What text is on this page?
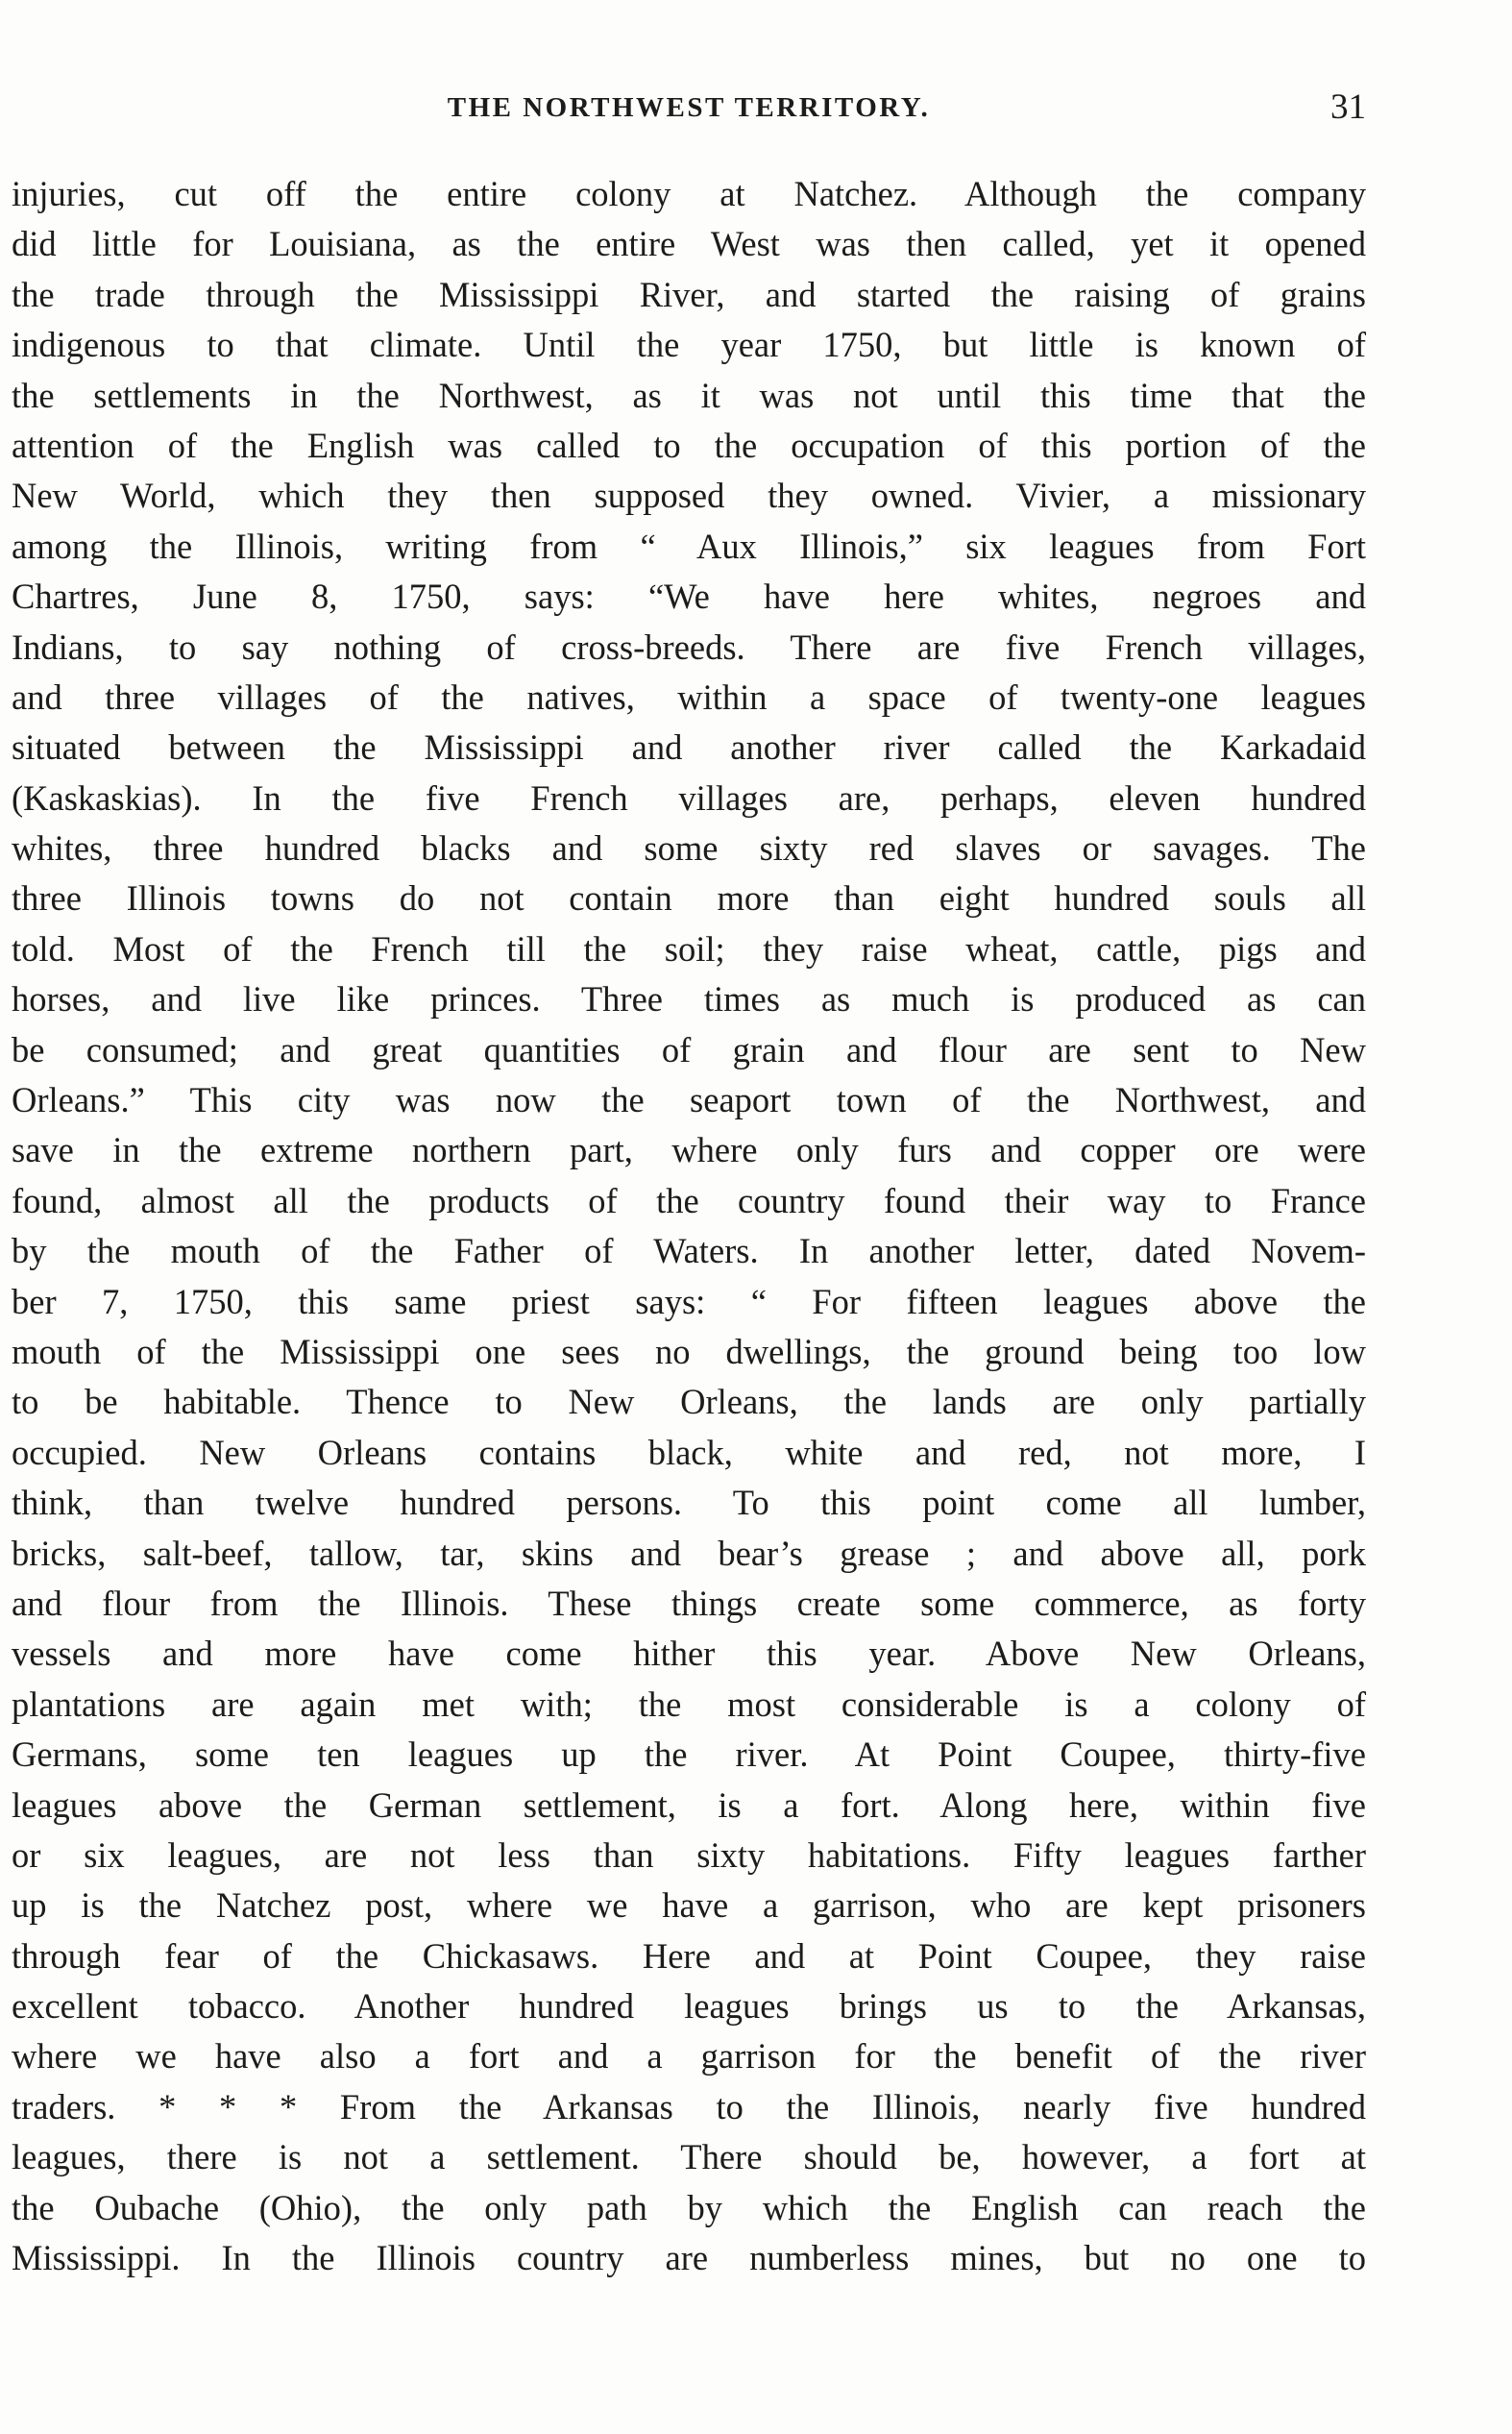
THE NORTHWEST TERRITORY.	31
injuries, cut off the entire colony at Natchez. Although the company
did little for Louisiana, as the entire West was then called, yet it opened
the trade through the Mississippi River, and started the raising of grains
indigenous to that climate. Until the year 1750, but little is known of
the settlements in the Northwest, as it was not until this time that the
attention of the English was called to the occupation of this portion of the
New World, which they then supposed they owned. Vivier, a missionary
among the Illinois, writing from “ Aux Illinois,” six leagues from Fort
Chartres, June 8, 1750, says: “We have here whites, negroes and
Indians, to say nothing of cross-breeds. There are five French villages,
and three villages of the natives, within a space of twenty-one leagues
situated between the Mississippi and another river called the Karkadaid
(Kaskaskias). In the five French villages are, perhaps, eleven hundred
whites, three hundred blacks and some sixty red slaves or savages. The
three Illinois towns do not contain more than eight hundred souls all
told. Most of the French till the soil; they raise wheat, cattle, pigs and
horses, and live like princes. Three times as much is produced as can
be consumed; and great quantities of grain and flour are sent to New
Orleans.” This city was now the seaport town of the Northwest, and
save in the extreme northern part, where only furs and copper ore were
found, almost all the products of the country found their way to France
by the mouth of the Father of Waters. In another letter, dated Novem-
ber 7, 1750, this same priest says: “ For fifteen leagues above the
mouth of the Mississippi one sees no dwellings, the ground being too low
to be habitable. Thence to New Orleans, the lands are only partially
occupied. New Orleans contains black, white and red, not more, I
think, than twelve hundred persons. To this point come all lumber,
bricks, salt-beef, tallow, tar, skins and bear’s grease ; and above all, pork
and flour from the Illinois. These things create some commerce, as forty
vessels and more have come hither this year. Above New Orleans,
plantations are again met with; the most considerable is a colony of
Germans, some ten leagues up the river. At Point Coupee, thirty-five
leagues above the German settlement, is a fort. Along here, within five
or six leagues, are not less than sixty habitations. Fifty leagues farther
up is the Natchez post, where we have a garrison, who are kept prisoners
through fear of the Chickasaws. Here and at Point Coupee, they raise
excellent tobacco. Another hundred leagues brings us to the Arkansas,
where we have also a fort and a garrison for the benefit of the river
traders. * * * From the Arkansas to the Illinois, nearly five hundred
leagues, there is not a settlement. There should be, however, a fort at
the Oubache (Ohio), the only path by which the English can reach the
Mississippi. In the Illinois country are numberless mines, but no one to
